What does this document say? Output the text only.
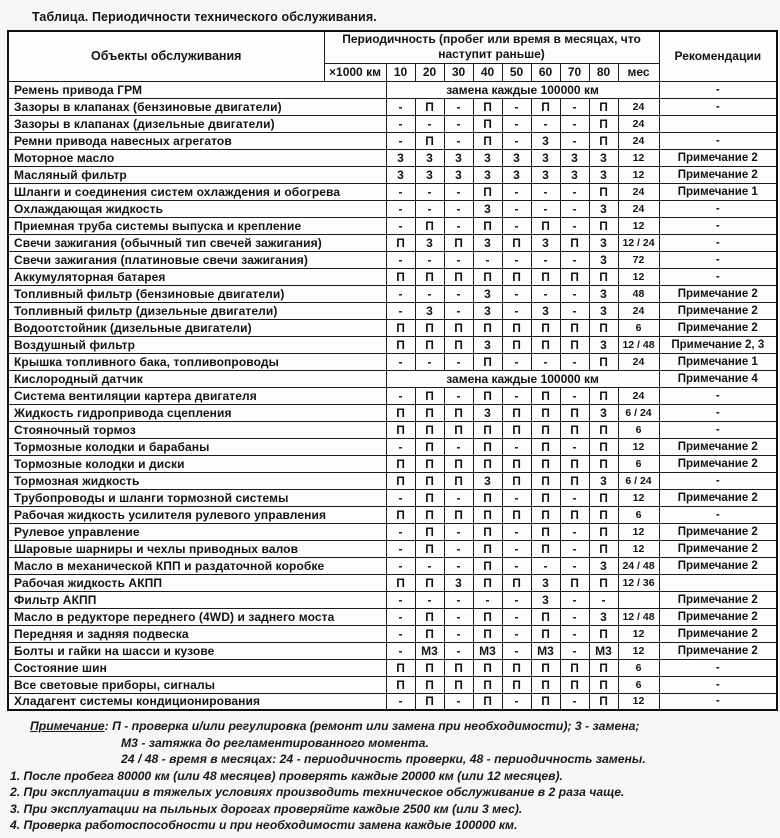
Таблица. Периодичности технического обслуживания.
Объекты обслуживания	Периодичность (пробег или время в месяцах, что наступит раньше)										Рекомендации
	×1000 км	10	20	30	40	50	60	70	80	мес	
Ремень привода ГРМ		замена каждые 100000 км									-
Зазоры в клапанах (бензиновые двигатели)		-	П	-	П	-	П	-	П	24	-
Зазоры в клапанах (дизельные двигатели)		-	-	-	П	-	-	-	П	24	
Ремни привода навесных агрегатов		-	П	-	П	-	3	-	П	24	-
Моторное масло		3	3	3	3	3	3	3	3	12	Примечание 2
Масляный фильтр		3	3	3	3	3	3	3	3	12	Примечание 2
Шланги и соединения систем охлаждения и обогрева		-	-	-	П	-	-	-	П	24	Примечание 1
Охлаждающая жидкость		-	-	-	3	-	-	-	3	24	-
Приемная труба системы выпуска и крепление		-	П	-	П	-	П	-	П	12	-
Свечи зажигания (обычный тип свечей зажигания)		П	3	П	3	П	3	П	3	12 / 24	-
Свечи зажигания (платиновые свечи зажигания)		-	-	-	-	-	-	-	3	72	-
Аккумуляторная батарея		П	П	П	П	П	П	П	П	12	-
Топливный фильтр (бензиновые двигатели)		-	-	-	3	-	-	-	3	48	Примечание 2
Топливный фильтр (дизельные двигатели)		-	3	-	3	-	3	-	3	24	Примечание 2
Водоотстойник (дизельные двигатели)		П	П	П	П	П	П	П	П	6	Примечание 2
Воздушный фильтр		П	П	П	3	П	П	П	3	12 / 48	Примечание 2, 3
Крышка топливного бака, топливопроводы		-	-	-	П	-	-	-	П	24	Примечание 1
Кислородный датчик		замена каждые 100000 км									Примечание 4
Система вентиляции картера двигателя		-	П	-	П	-	П	-	П	24	-
Жидкость гидропривода сцепления		П	П	П	3	П	П	П	3	6 / 24	-
Стояночный тормоз		П	П	П	П	П	П	П	П	6	-
Тормозные колодки и барабаны		-	П	-	П	-	П	-	П	12	Примечание 2
Тормозные колодки и диски		П	П	П	П	П	П	П	П	6	Примечание 2
Тормозная жидкость		П	П	П	3	П	П	П	3	6 / 24	-
Трубопроводы и шланги тормозной системы		-	П	-	П	-	П	-	П	12	Примечание 2
Рабочая жидкость усилителя рулевого управления		П	П	П	П	П	П	П	П	6	-
Рулевое управление		-	П	-	П	-	П	-	П	12	Примечание 2
Шаровые шарниры и чехлы приводных валов		-	П	-	П	-	П	-	П	12	Примечание 2
Масло в механической КПП и раздаточной коробке		-	-	-	П	-	-	-	3	24 / 48	Примечание 2
Рабочая жидкость АКПП		П	П	3	П	П	3	П	П	12 / 36	
Фильтр АКПП		-	-	-	-	-	3	-	-		Примечание 2
Масло в редукторе переднего (4WD) и заднего моста		-	П	-	П	-	П	-	3	12 / 48	Примечание 2
Передняя и задняя подвеска		-	П	-	П	-	П	-	П	12	Примечание 2
Болты и гайки на шасси и кузове		-	М3	-	М3	-	М3	-	М3	12	Примечание 2
Состояние шин		П	П	П	П	П	П	П	П	6	-
Все световые приборы, сигналы		П	П	П	П	П	П	П	П	6	-
Хладагент системы кондиционирования		-	П	-	П	-	П	-	П	12	-
Примечание: П - проверка и/или регулировка (ремонт или замена при необходимости); 3 - замена;
М3 - затяжка до регламентированного момента.
24 / 48 - время в месяцах: 24 - периодичность проверки, 48 - периодичность замены.
1. После пробега 80000 км (или 48 месяцев) проверять каждые 20000 км (или 12 месяцев).
2. При эксплуатации в тяжелых условиях производить техническое обслуживание в 2 раза чаще.
3. При эксплуатации на пыльных дорогах проверяйте каждые 2500 км (или 3 мес).
4. Проверка работоспособности и при необходимости замена каждые 100000 км.
